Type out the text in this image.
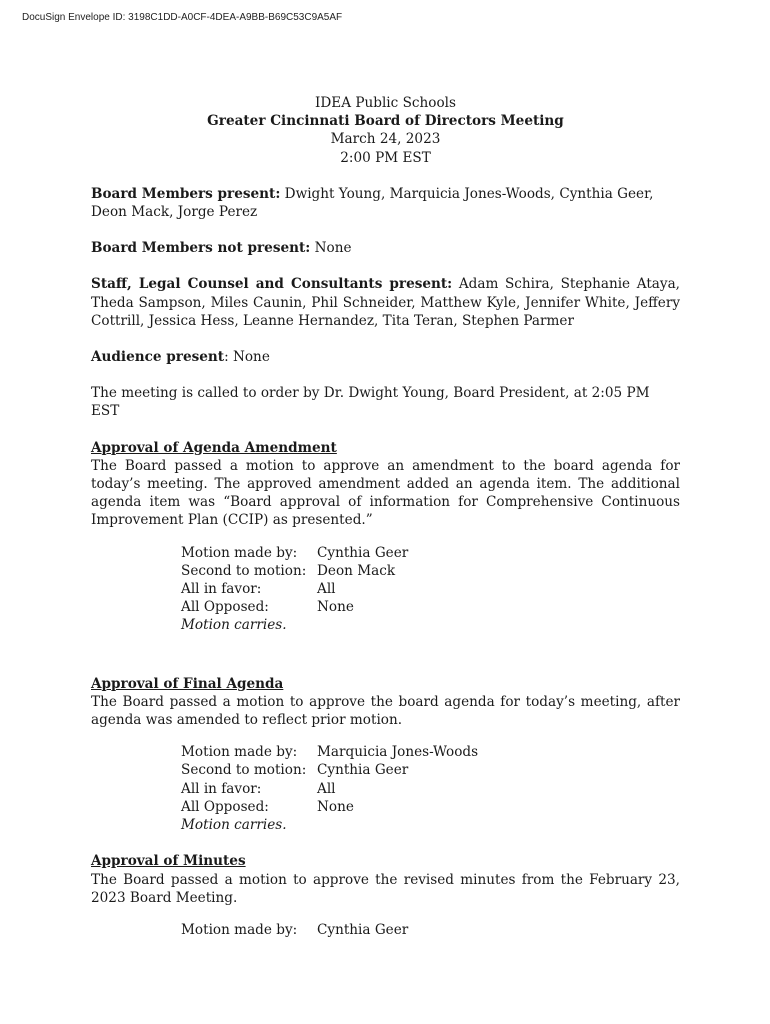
DocuSign Envelope ID: 3198C1DD-A0CF-4DEA-A9BB-B69C53C9A5AF

IDEA Public Schools

Greater Cincinnati Board of Directors Meeting

March 24, 2023

2:00 PM EST

Board Members present: Dwight Young, Marquicia Jones-Woods, Cynthia Geer, Deon Mack, Jorge Perez

Board Members not present: None

Staff, Legal Counsel and Consultants present: Adam Schira, Stephanie Ataya, Theda Sampson, Miles Caunin, Phil Schneider, Matthew Kyle, Jennifer White, Jeffery Cottrill, Jessica Hess, Leanne Hernandez, Tita Teran, Stephen Parmer

Audience present: None

The meeting is called to order by Dr. Dwight Young, Board President, at 2:05 PM EST

Approval of Agenda Amendment

The Board passed a motion to approve an amendment to the board agenda for today’s meeting. The approved amendment added an agenda item. The additional agenda item was “Board approval of information for Comprehensive Continuous Improvement Plan (CCIP) as presented.”

Motion made by:	Cynthia Geer
Second to motion: Deon Mack
All in favor:	All
All Opposed:	None

Motion carries.

Approval of Final Agenda

The Board passed a motion to approve the board agenda for today’s meeting, after agenda was amended to reflect prior motion.

Motion made by:	Marquicia Jones-Woods
Second to motion: Cynthia Geer
All in favor:	All
All Opposed:	None

Motion carries.

Approval of Minutes

The Board passed a motion to approve the revised minutes from the February 23, 2023 Board Meeting.

Motion made by:	Cynthia Geer
